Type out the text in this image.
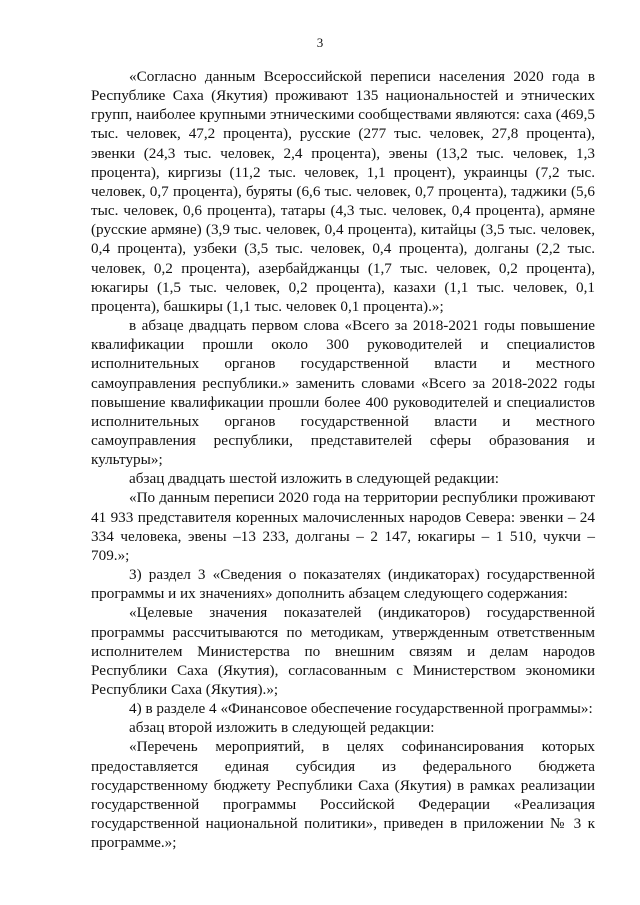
3

«Согласно данным Всероссийской переписи населения 2020 года в Республике Саха (Якутия) проживают 135 национальностей и этнических групп, наиболее крупными этническими сообществами являются: саха (469,5 тыс. человек, 47,2 процента), русские (277 тыс. человек, 27,8 процента), эвенки (24,3 тыс. человек, 2,4 процента), эвены (13,2 тыс. человек, 1,3 процента), киргизы (11,2 тыс. человек, 1,1 процент), украинцы (7,2 тыс. человек, 0,7 процента), буряты (6,6 тыс. человек, 0,7 процента), таджики (5,6 тыс. человек, 0,6 процента), татары (4,3 тыс. человек, 0,4 процента), армяне (русские армяне) (3,9 тыс. человек, 0,4 процента), китайцы (3,5 тыс. человек, 0,4 процента), узбеки (3,5 тыс. человек, 0,4 процента), долганы (2,2 тыс. человек, 0,2 процента), азербайджанцы (1,7 тыс. человек, 0,2 процента), юкагиры (1,5 тыс. человек, 0,2 процента), казахи (1,1 тыс. человек, 0,1 процента), башкиры (1,1 тыс. человек 0,1 процента).»;

в абзаце двадцать первом слова «Всего за 2018-2021 годы повышение квалификации прошли около 300 руководителей и специалистов исполнительных органов государственной власти и местного самоуправления республики.» заменить словами «Всего за 2018-2022 годы повышение квалификации прошли более 400 руководителей и специалистов исполнительных органов государственной власти и местного самоуправления республики, представителей сферы образования и культуры»;

абзац двадцать шестой изложить в следующей редакции:

«По данным переписи 2020 года на территории республики проживают 41 933 представителя коренных малочисленных народов Севера: эвенки – 24 334 человека, эвены –13 233, долганы – 2 147, юкагиры – 1 510, чукчи – 709.»;

3) раздел 3 «Сведения о показателях (индикаторах) государственной программы и их значениях» дополнить абзацем следующего содержания:

«Целевые значения показателей (индикаторов) государственной программы рассчитываются по методикам, утвержденным ответственным исполнителем Министерства по внешним связям и делам народов Республики Саха (Якутия), согласованным с Министерством экономики Республики Саха (Якутия).»;

4) в разделе 4 «Финансовое обеспечение государственной программы»:

абзац второй изложить в следующей редакции:

«Перечень мероприятий, в целях софинансирования которых предоставляется единая субсидия из федерального бюджета государственному бюджету Республики Саха (Якутия) в рамках реализации государственной программы Российской Федерации «Реализация государственной национальной политики», приведен в приложении № 3 к программе.»;
